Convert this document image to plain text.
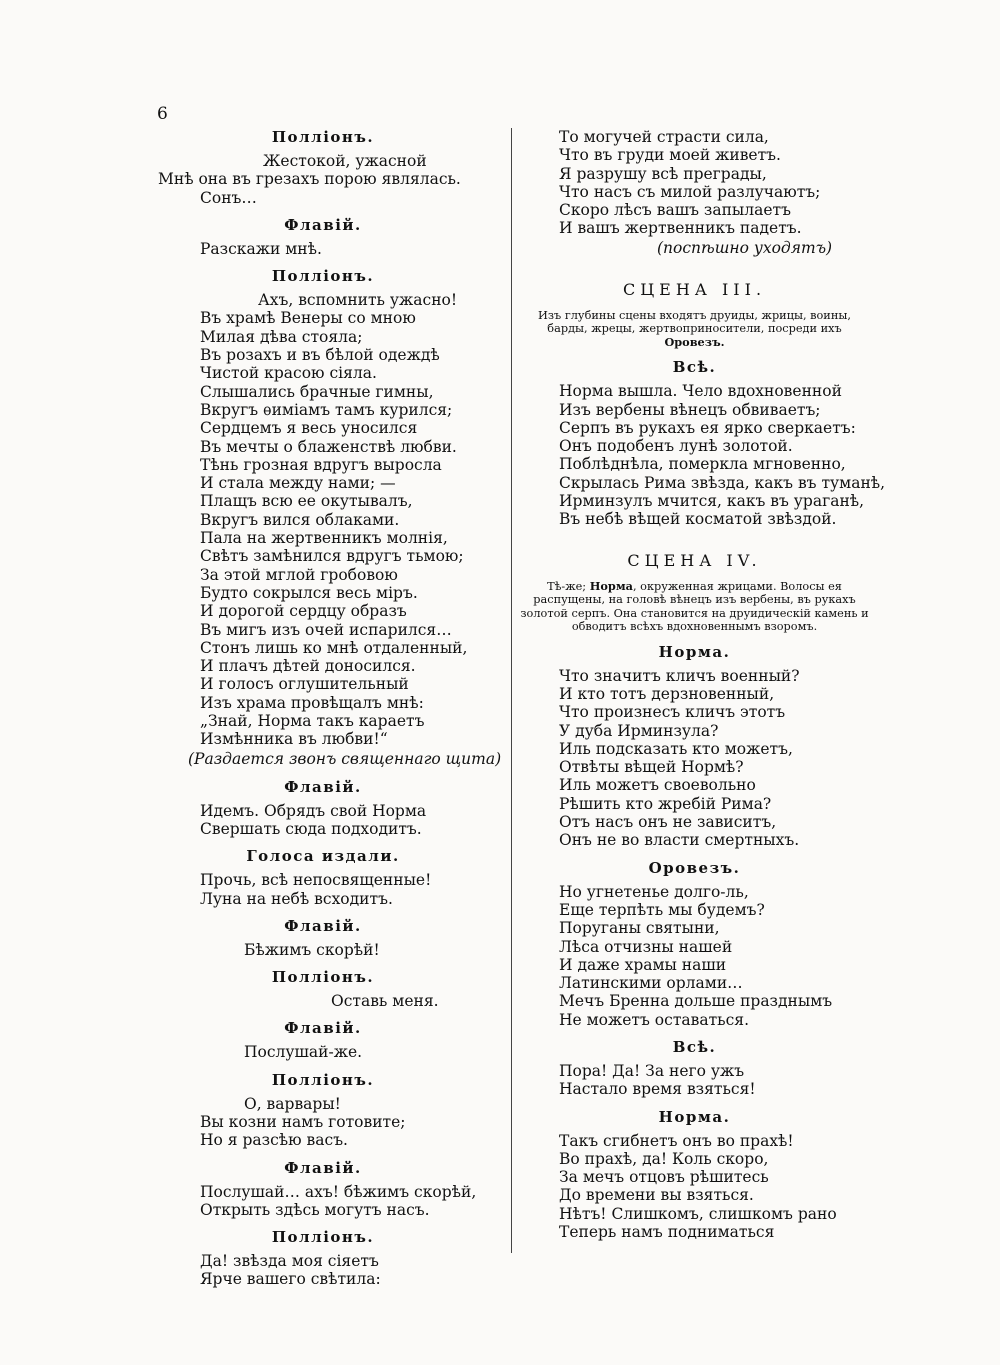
6
Поллiонъ.
Жестокой, ужасной
Мнѣ она въ грезахъ порою являлась.
Сонъ…
Флавiй.
Разскажи мнѣ.
Поллiонъ.
Ахъ, вспомнить ужасно!
Въ храмѣ Венеры со мною
Милая дѣва стояла;
Въ розахъ и въ бѣлой одеждѣ
Чистой красою сiяла.
Слышались брачные гимны,
Вкругъ ѳимiамъ тамъ курился;
Сердцемъ я весь уносился
Въ мечты о блаженствѣ любви.
Тѣнь грозная вдругъ выросла
И стала между нами; —
Плащъ всю ее окутывалъ,
Вкругъ вился облаками.
Пала на жертвенникъ молнiя,
Свѣтъ замѣнился вдругъ тьмою;
За этой мглой гробовою
Будто сокрылся весь мiръ.
И дорогой сердцу образъ
Въ мигъ изъ очей испарился…
Стонъ лишь ко мнѣ отдаленный,
И плачъ дѣтей доносился.
И голосъ оглушительный
Изъ храма провѣщалъ мнѣ:
„Знай, Норма такъ караетъ
Измѣнника въ любви!“
(Раздается звонъ священнаго щита)
Флавiй.
Идемъ. Обрядъ свой Норма
Свершать сюда подходитъ.
Голоса издали.
Прочь, всѣ непосвященные!
Луна на небѣ всходитъ.
Флавiй.
Бѣжимъ скорѣй!
Поллiонъ.
Оставь меня.
Флавiй.
Послушай-же.
Поллiонъ.
О, варвары!
Вы козни намъ готовите;
Но я разсѣю васъ.
Флавiй.
Послушай… ахъ! бѣжимъ скорѣй,
Открыть здѣсь могутъ насъ.
Поллiонъ.
Да! звѣзда моя сiяетъ
Ярче вашего свѣтила:
То могучей страсти сила,
Что въ груди моей живетъ.
Я разрушу всѣ преграды,
Что насъ съ милой разлучаютъ;
Скоро лѣсъ вашъ запылаетъ
И вашъ жертвенникъ падетъ.
(поспѣшно уходятъ)
СЦЕНА III.
Изъ глубины сцены входятъ друиды, жрицы, воины, барды, жрецы, жертвоприносители, посреди ихъ Оровезъ.
Всѣ.
Норма вышла. Чело вдохновенной
Изъ вербены вѣнецъ обвиваетъ;
Серпъ въ рукахъ ея ярко сверкаетъ:
Онъ подобенъ лунѣ золотой.
Поблѣднѣла, померкла мгновенно,
Скрылась Рима звѣзда, какъ въ туманѣ,
Ирминзулъ мчится, какъ въ ураганѣ,
Въ небѣ вѣщей косматой звѣздой.
СЦЕНА IV.
Тѣ-же; Норма, окруженная жрицами. Волосы ея распущены, на головѣ вѣнецъ изъ вербены, въ рукахъ золотой серпъ. Она становится на друидическiй камень и обводитъ всѣхъ вдохновеннымъ взоромъ.
Норма.
Что значитъ кличъ военный?
И кто тотъ дерзновенный,
Что произнесъ кличъ этотъ
У дуба Ирминзула?
Иль подсказать кто можетъ,
Отвѣты вѣщей Нормѣ?
Иль можетъ своевольно
Рѣшить кто жребiй Рима?
Отъ насъ онъ не зависитъ,
Онъ не во власти смертныхъ.
Оровезъ.
Но угнетенье долго-ль,
Еще терпѣть мы будемъ?
Поруганы святыни,
Лѣса отчизны нашей
И даже храмы наши
Латинскими орлами…
Мечъ Бренна дольше празднымъ
Не можетъ оставаться.
Всѣ.
Пора! Да! За него ужъ
Настало время взяться!
Норма.
Такъ сгибнетъ онъ во прахѣ!
Во прахѣ, да! Коль скоро,
За мечъ отцовъ рѣшитесь
До времени вы взяться.
Нѣтъ! Слишкомъ, слишкомъ рано
Теперь намъ подниматься
